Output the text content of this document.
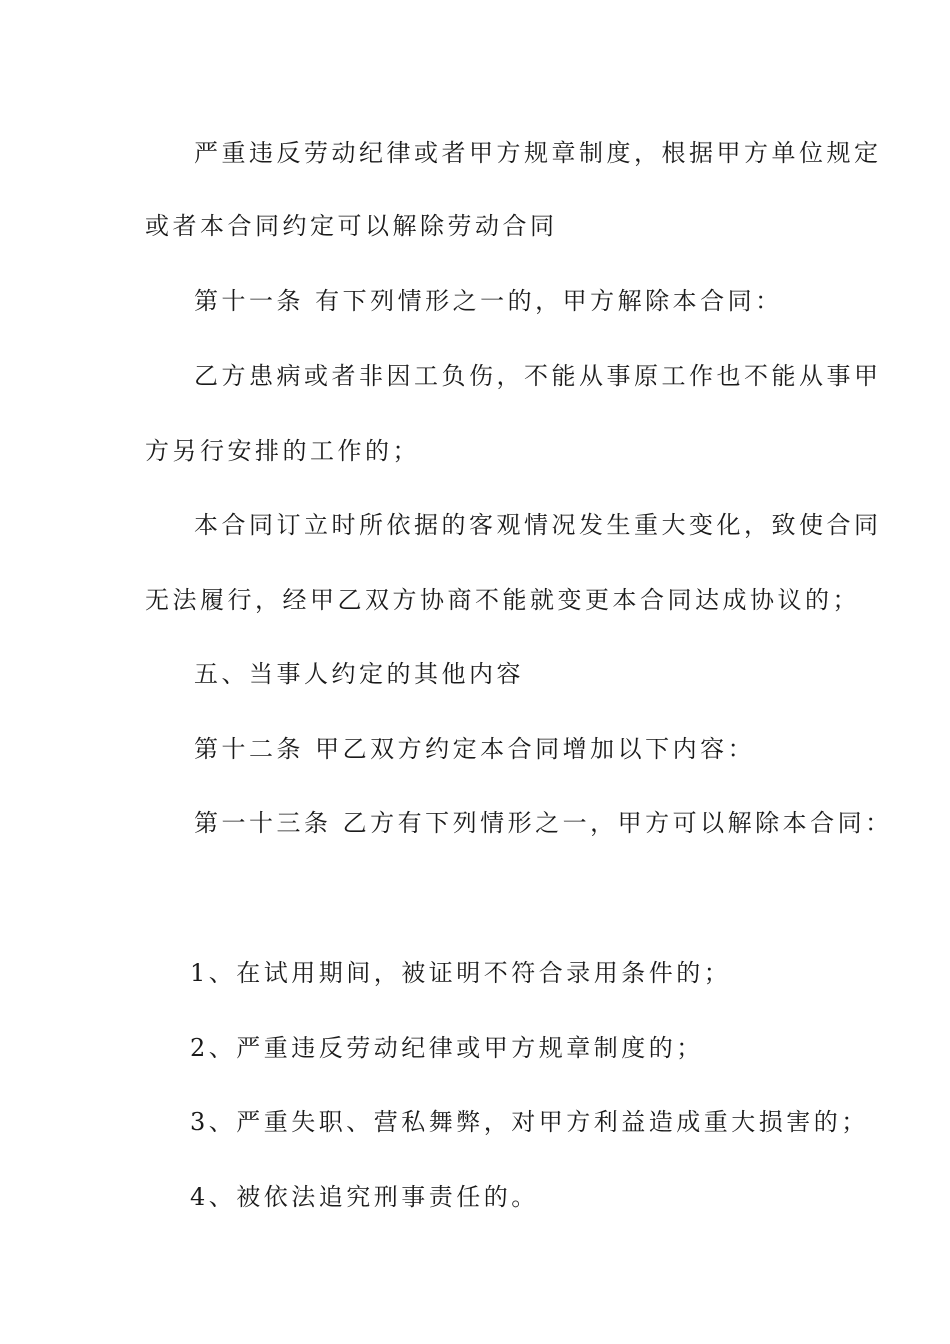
严重违反劳动纪律或者甲方规章制度，根据甲方单位规定

或者本合同约定可以解除劳动合同

第十一条 有下列情形之一的，甲方解除本合同：

乙方患病或者非因工负伤，不能从事原工作也不能从事甲

方另行安排的工作的；

本合同订立时所依据的客观情况发生重大变化，致使合同

无法履行，经甲乙双方协商不能就变更本合同达成协议的；

五、当事人约定的其他内容

第十二条 甲乙双方约定本合同增加以下内容：

第一十三条 乙方有下列情形之一，甲方可以解除本合同：

1、在试用期间，被证明不符合录用条件的；

2、严重违反劳动纪律或甲方规章制度的；

3、严重失职、营私舞弊，对甲方利益造成重大损害的；

4、被依法追究刑事责任的。
